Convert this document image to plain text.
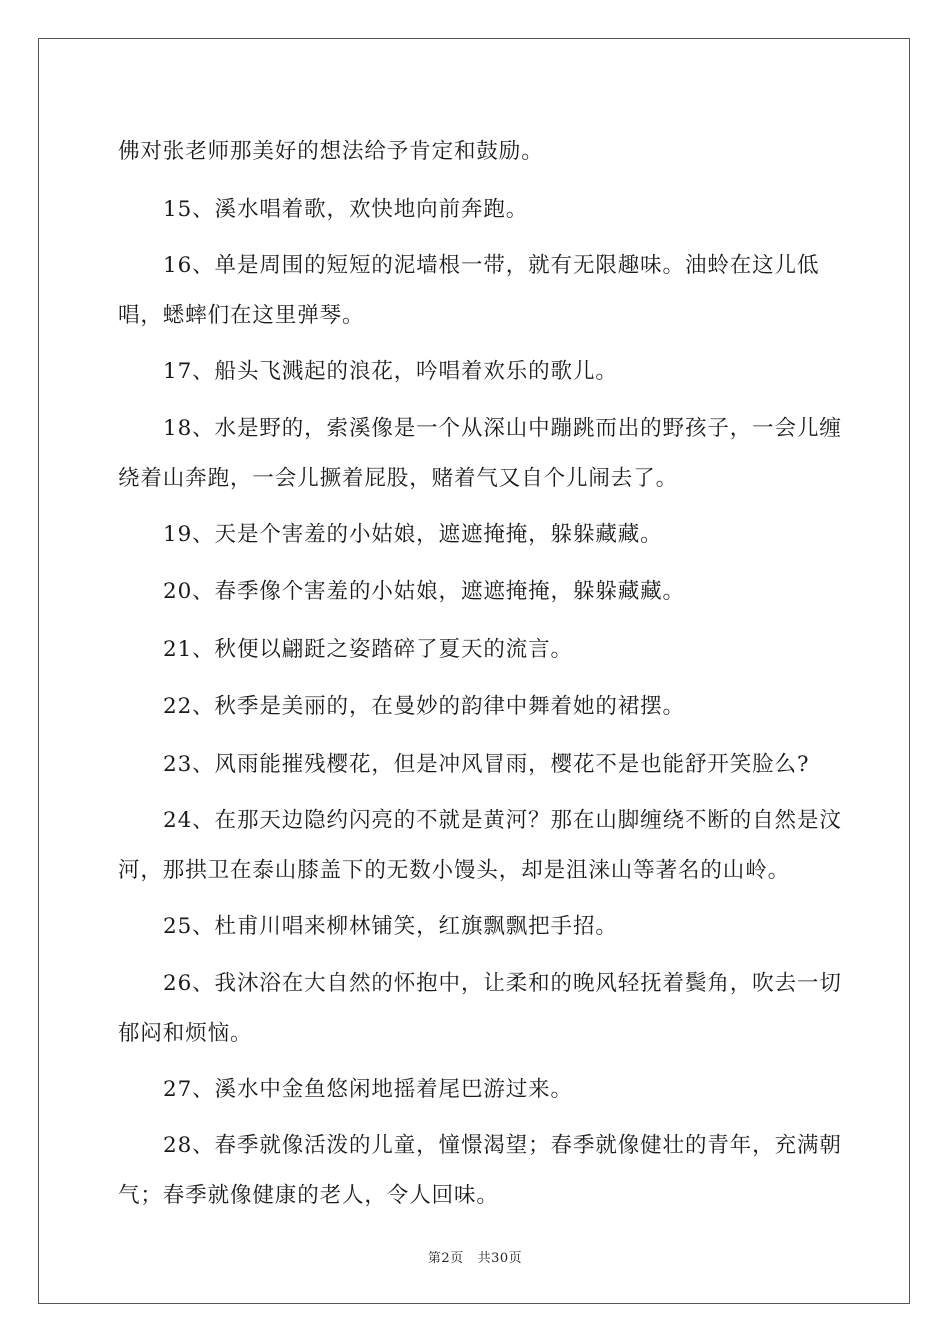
佛对张老师那美好的想法给予肯定和鼓励。

15、溪水唱着歌，欢快地向前奔跑。

16、单是周围的短短的泥墙根一带，就有无限趣味。油蛉在这儿低唱，蟋蟀们在这里弹琴。

17、船头飞溅起的浪花，吟唱着欢乐的歌儿。

18、水是野的，索溪像是一个从深山中蹦跳而出的野孩子，一会儿缠绕着山奔跑，一会儿撅着屁股，赌着气又自个儿闹去了。

19、天是个害羞的小姑娘，遮遮掩掩，躲躲藏藏。

20、春季像个害羞的小姑娘，遮遮掩掩，躲躲藏藏。

21、秋便以翩跹之姿踏碎了夏天的流言。

22、秋季是美丽的，在曼妙的韵律中舞着她的裙摆。

23、风雨能摧残樱花，但是冲风冒雨，樱花不是也能舒开笑脸么?

24、在那天边隐约闪亮的不就是黄河？那在山脚缠绕不断的自然是汶河，那拱卫在泰山膝盖下的无数小馒头，却是沮涞山等著名的山岭。

25、杜甫川唱来柳林铺笑，红旗飘飘把手招。

26、我沐浴在大自然的怀抱中，让柔和的晚风轻抚着鬓角，吹去一切郁闷和烦恼。

27、溪水中金鱼悠闲地摇着尾巴游过来。

28、春季就像活泼的儿童，憧憬渴望；春季就像健壮的青年，充满朝气；春季就像健康的老人，令人回味。

第2页 共30页
